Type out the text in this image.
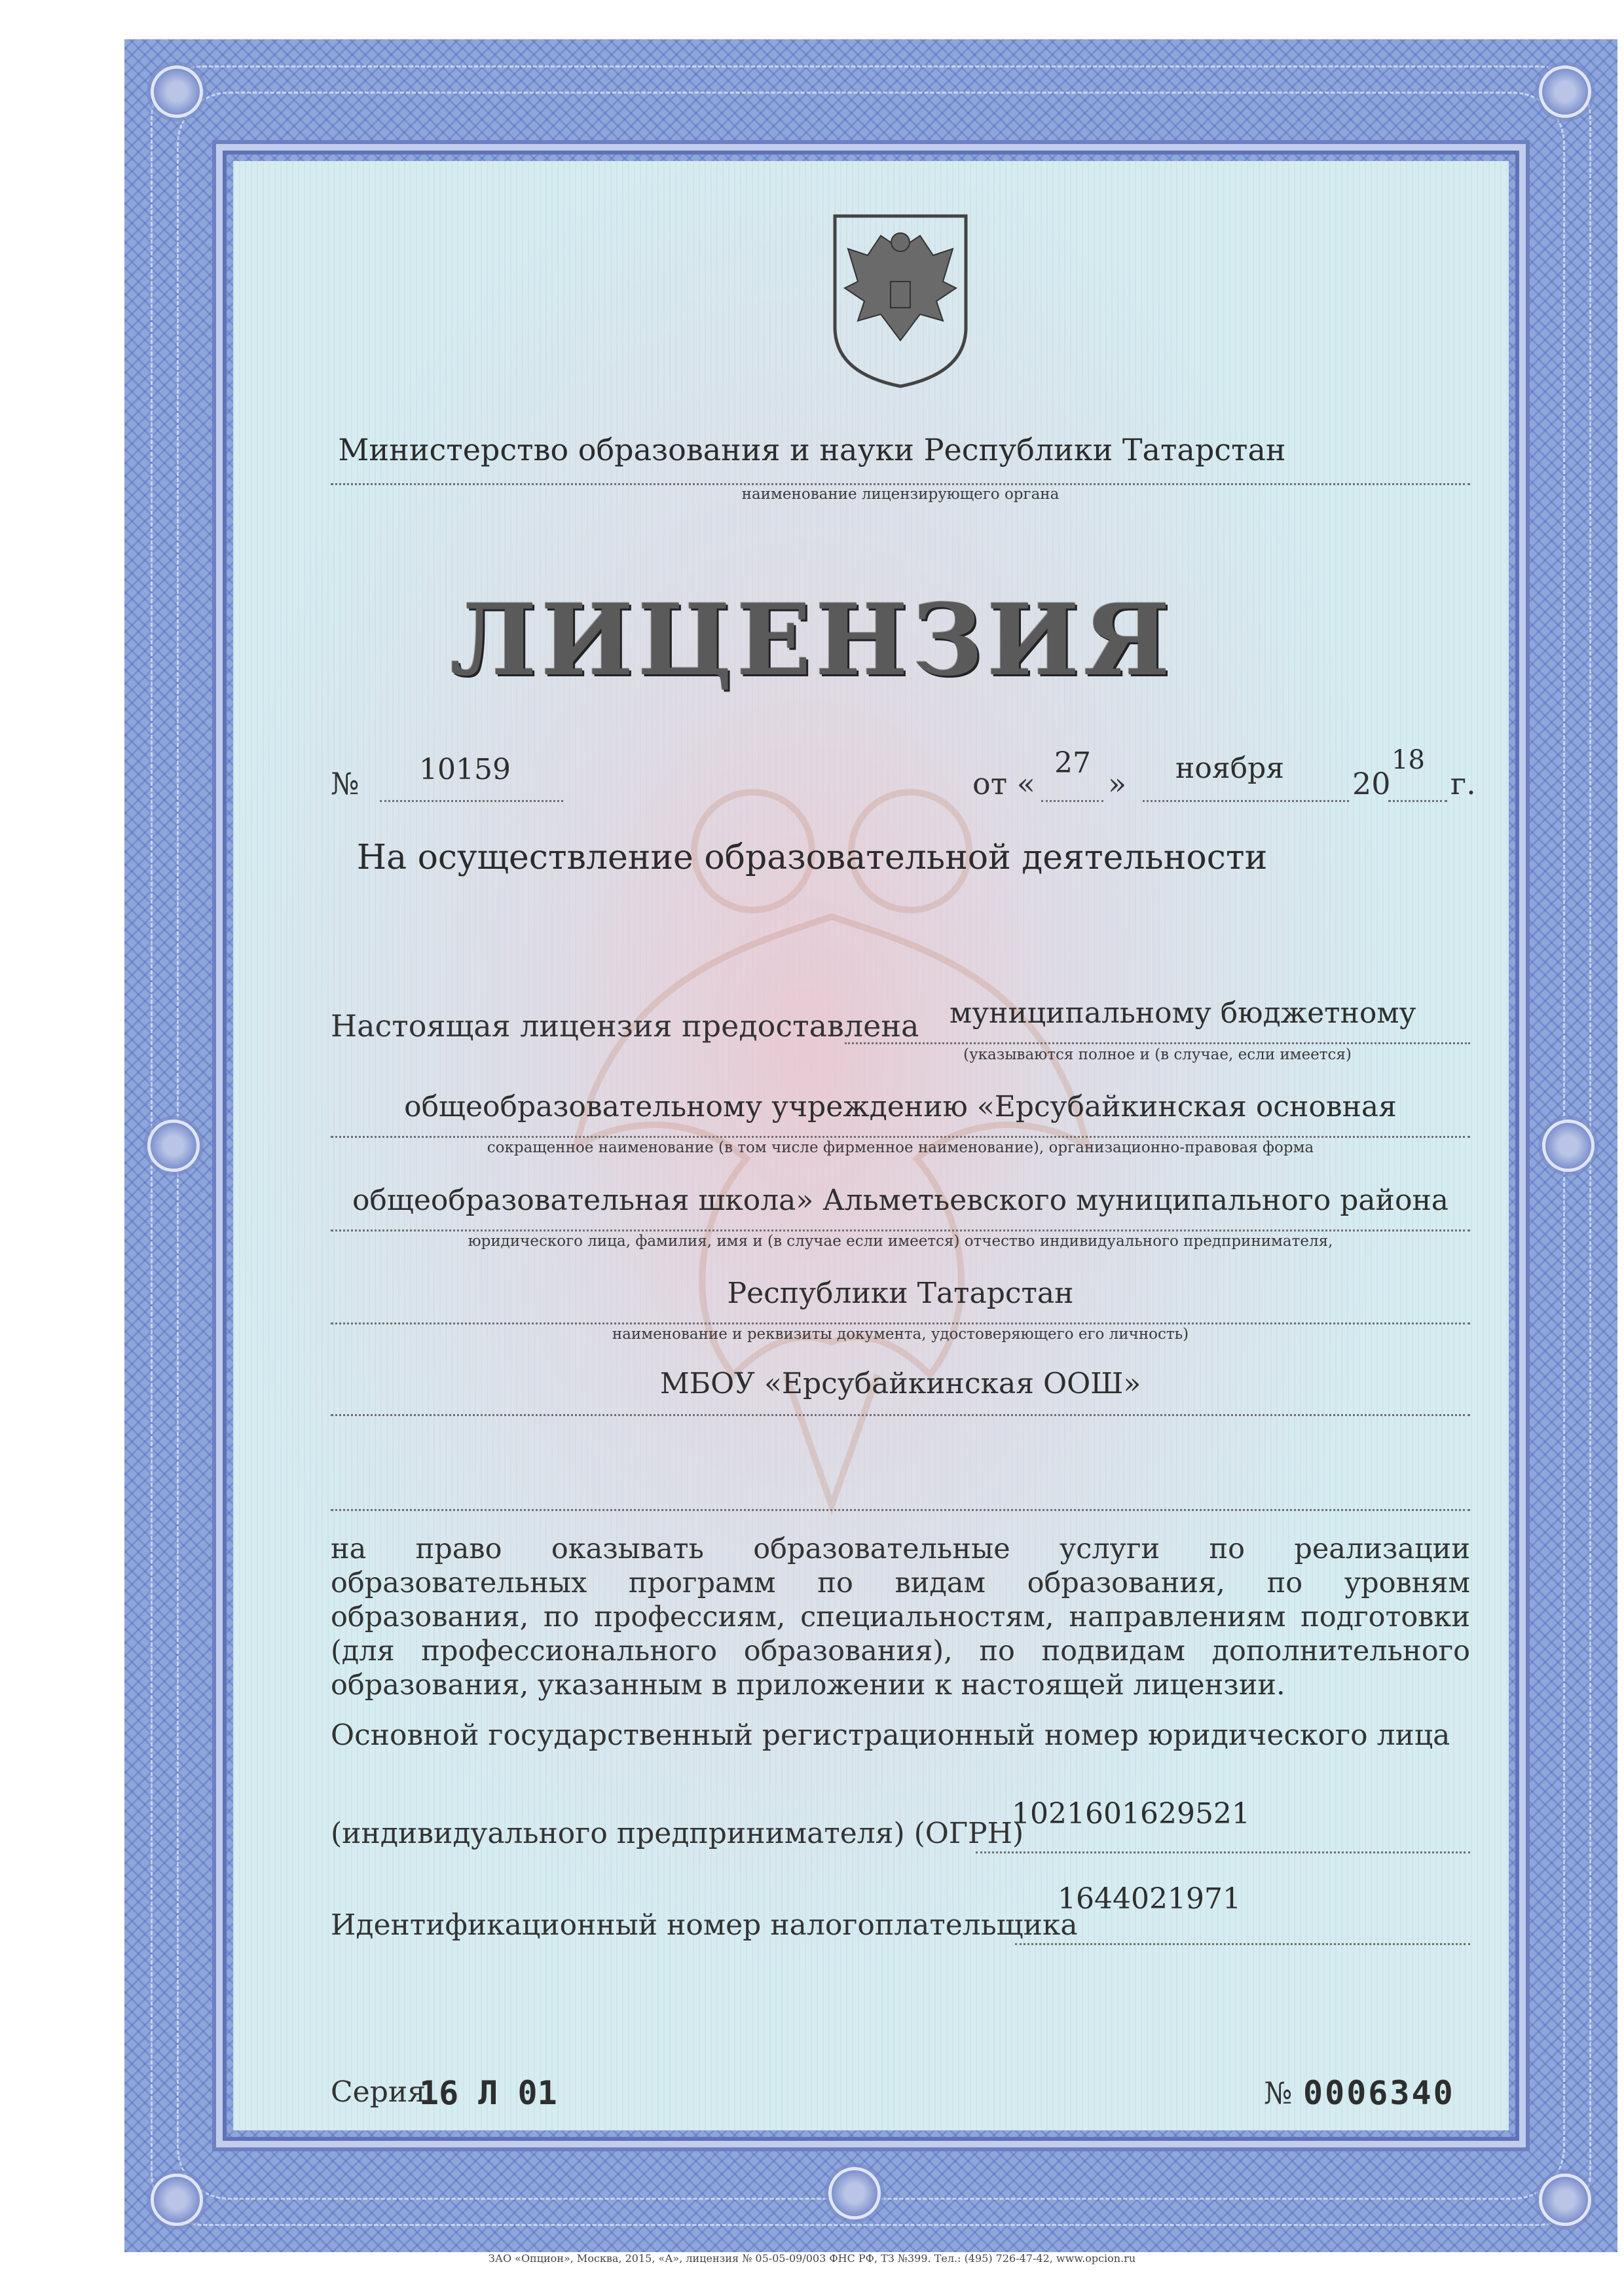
Министерство образования и науки Республики Татарстан
наименование лицензирующего органа
ЛИЦЕНЗИЯ
№ 10159	от «
27
» ноября 20
18
г.
На осуществление образовательной деятельности
Настоящая лицензия предоставлена муниципальному бюджетному
(указываются полное и (в случае, если имеется)
общеобразовательному учреждению «Ерсубайкинская основная
сокращенное наименование (в том числе фирменное наименование), организационно-правовая форма
общеобразовательная школа» Альметьевского муниципального района
юридического лица, фамилия, имя и (в случае если имеется) отчество индивидуального предпринимателя,
Республики Татарстан
наименование и реквизиты документа, удостоверяющего его личность)
МБОУ «Ерсубайкинская ООШ»
на право оказывать образовательные услуги по реализации образовательных программ по видам образования, по уровням образования, по профессиям, специальностям, направлениям подготовки (для профессионального образования), по подвидам дополнительного образования, указанным в приложении к настоящей лицензии.
Основной государственный регистрационный номер юридического лица
(индивидуального предпринимателя) (ОГРН)
1021601629521
Идентификационный номер налогоплательщика
1644021971
Серия
16 Л 01	№ 0006340
ЗАО «Опцион», Москва, 2015, «А», лицензия № 05-05-09/003 ФНС РФ, ТЗ №399. Тел.: (495) 726-47-42, www.opcion.ru
